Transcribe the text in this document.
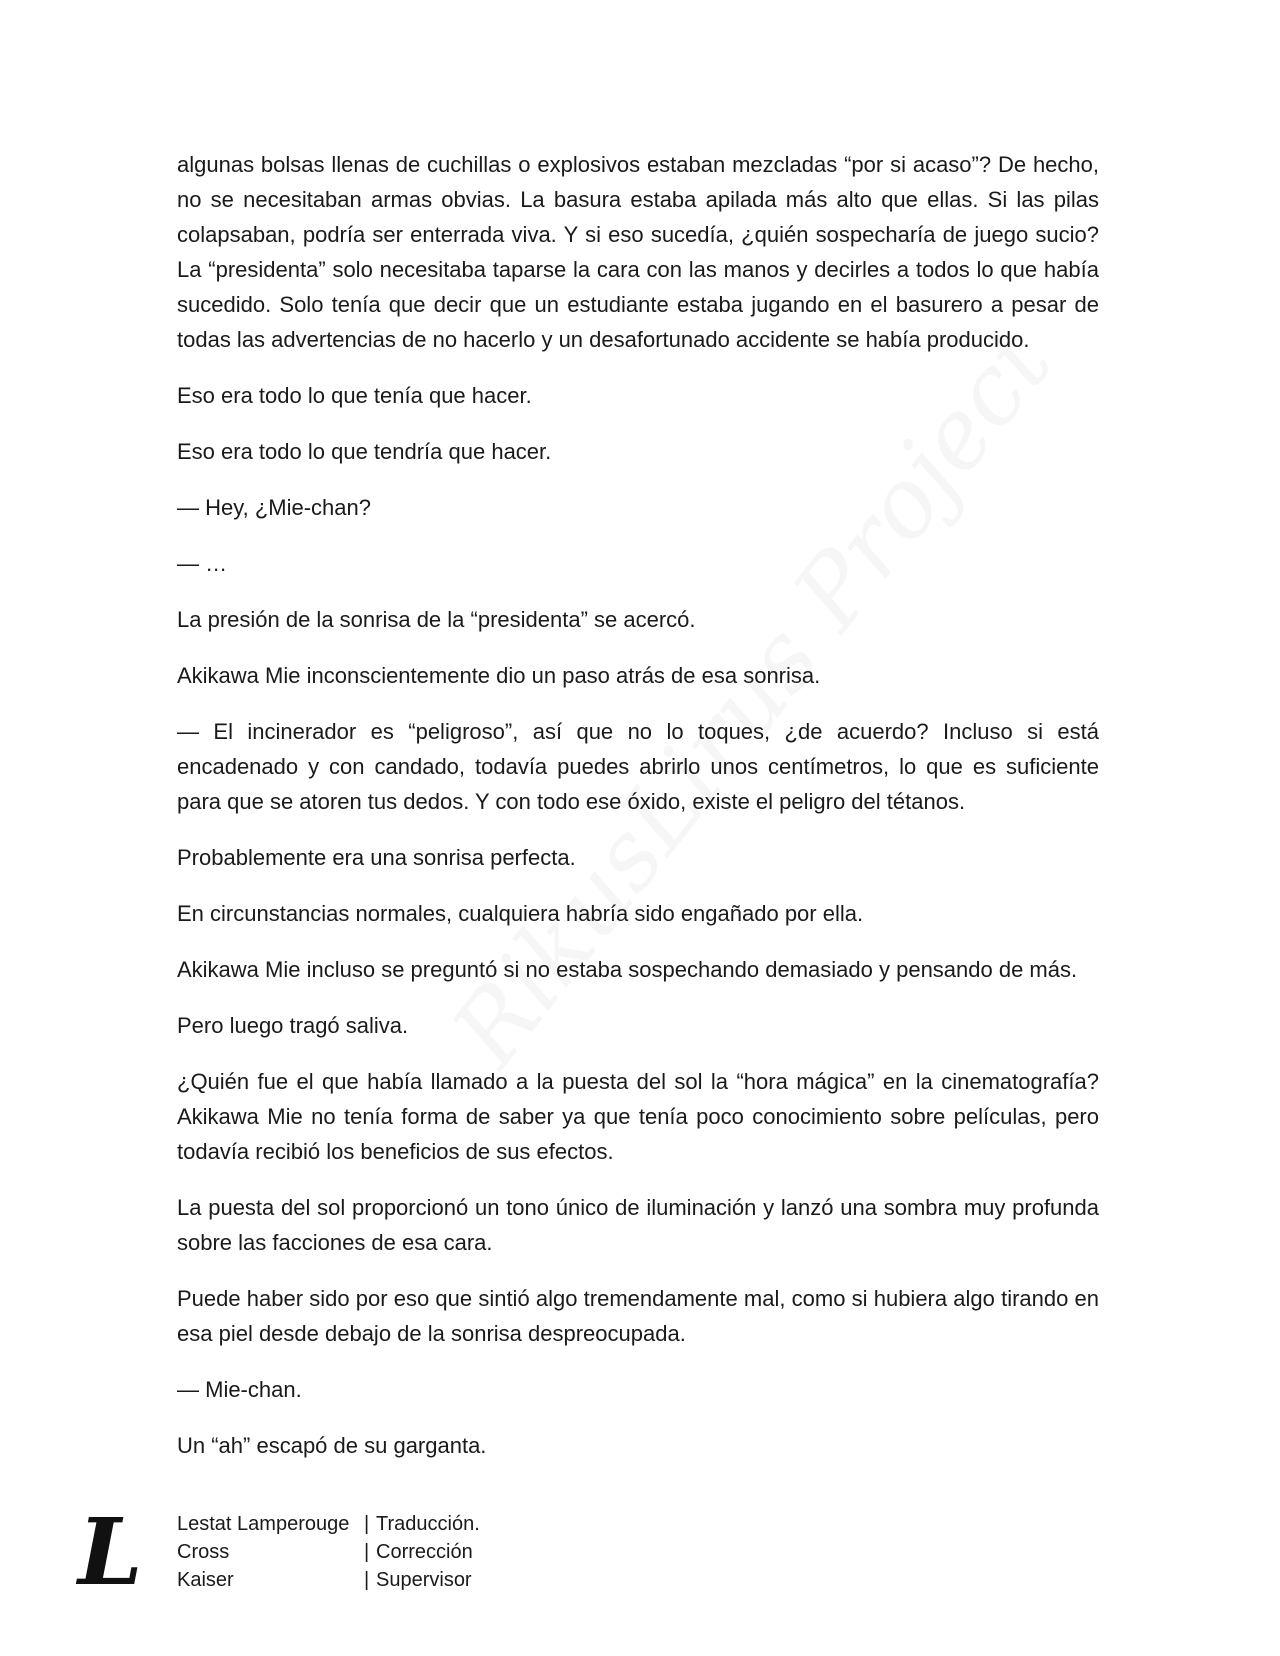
algunas bolsas llenas de cuchillas o explosivos estaban mezcladas “por si acaso”? De hecho, no se necesitaban armas obvias. La basura estaba apilada más alto que ellas. Si las pilas colapsaban, podría ser enterrada viva. Y si eso sucedía, ¿quién sospecharía de juego sucio? La “presidenta” solo necesitaba taparse la cara con las manos y decirles a todos lo que había sucedido. Solo tenía que decir que un estudiante estaba jugando en el basurero a pesar de todas las advertencias de no hacerlo y un desafortunado accidente se había producido.

Eso era todo lo que tenía que hacer.

Eso era todo lo que tendría que hacer.

— Hey, ¿Mie-chan?

— …

La presión de la sonrisa de la “presidenta” se acercó.

Akikawa Mie inconscientemente dio un paso atrás de esa sonrisa.

— El incinerador es “peligroso”, así que no lo toques, ¿de acuerdo? Incluso si está encadenado y con candado, todavía puedes abrirlo unos centímetros, lo que es suficiente para que se atoren tus dedos. Y con todo ese óxido, existe el peligro del tétanos.

Probablemente era una sonrisa perfecta.

En circunstancias normales, cualquiera habría sido engañado por ella.

Akikawa Mie incluso se preguntó si no estaba sospechando demasiado y pensando de más.

Pero luego tragó saliva.

¿Quién fue el que había llamado a la puesta del sol la “hora mágica” en la cinematografía? Akikawa Mie no tenía forma de saber ya que tenía poco conocimiento sobre películas, pero todavía recibió los beneficios de sus efectos.

La puesta del sol proporcionó un tono único de iluminación y lanzó una sombra muy profunda sobre las facciones de esa cara.

Puede haber sido por eso que sintió algo tremendamente mal, como si hubiera algo tirando en esa piel desde debajo de la sonrisa despreocupada.

— Mie-chan.

Un “ah” escapó de su garganta.

L Lestat Lamperouge | Traducción.
Cross	| Corrección
Kaiser	| Supervisor
